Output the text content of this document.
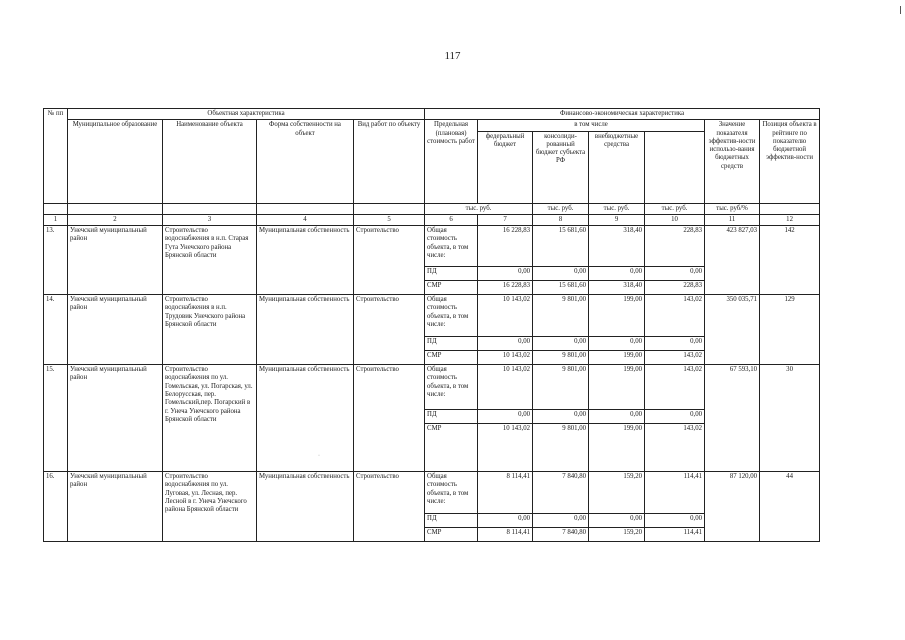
117
№ пп	Объектная характеристика				Финансово-экономическая характеристика						
	Муниципальное образование	Наименование объекта	Форма собственности на объект	Вид работ по объекту	Предельная (плановая) стоимость работ	в том числе				Значение показателя эффектив-ности использо-вания бюджетных средств	Позиция объекта в рейтинге по показателю бюджетной эффектив-ности
						федеральный бюджет	консолиди-рованный бюджет субъекта РФ	внебюджетные средства			
					тыс. руб.		тыс. руб.	тыс. руб.	тыс. руб.	тыс. руб/%	
1	2	3	4	5	6	7	8	9	10	11	12
13.	Унечский муниципальный район	Строительство водоснабжения в н.п. Старая Гута Унечского района Брянской области	Муниципальная собственность	Строительство	Общая стоимость объекта, в том числе:	16 228,83	15 681,60	318,40	228,83	423 827,03	142
					ПД	0,00	0,00	0,00	0,00		
					СМР	16 228,83	15 681,60	318,40	228,83		
14.	Унечский муниципальный район	Строительство водоснабжения в н.п. Трудовик Унечского района Брянской области	Муниципальная собственность	Строительство	Общая стоимость объекта, в том числе:	10 143,02	9 801,00	199,00	143,02	350 035,71	129
					ПД	0,00	0,00	0,00	0,00		
					СМР	10 143,02	9 801,00	199,00	143,02		
15.	Унечский муниципальный район	Строительство водоснабжения по ул. Гомельская, ул. Погарская, ул. Белорусская, пер. Гомельский,пер. Погарский в г. Унеча Унечского района Брянской области	Муниципальная собственность	Строительство	Общая стоимость объекта, в том числе:	10 143,02	9 801,00	199,00	143,02	67 593,10	30
					ПД	0,00	0,00	0,00	0,00		
					СМР	10 143,02	9 801,00	199,00	143,02		
16.	Унечский муниципальный район	Строительство водоснабжения по ул. Луговая, ул. Лесная, пер. Лесной в г. Унеча Унечского района Брянской области	Муниципальная собственность	Строительство	Общая стоимость объекта, в том числе:	8 114,41	7 840,80	159,20	114,41	87 120,00	44
					ПД	0,00	0,00	0,00	0,00		
					СМР	8 114,41	7 840,80	159,20	114,41		
·
